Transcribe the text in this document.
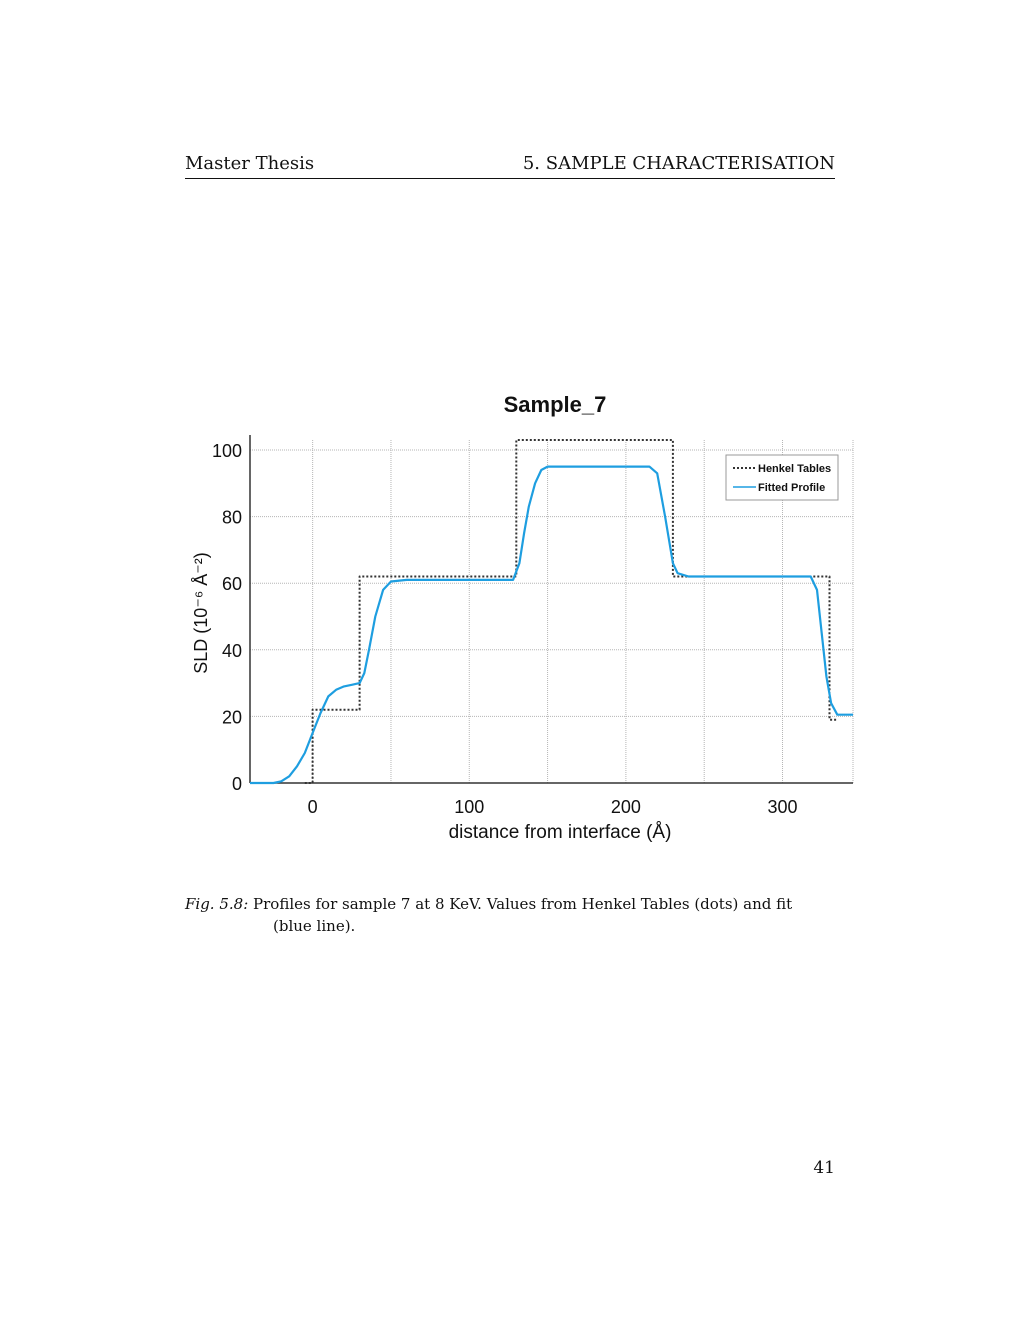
Master Thesis	5. SAMPLE CHARACTERISATION
Sample_7
0
20
40
60
80
100
0	100	200	300
Henkel Tables
Fitted Profile
distance from interface (Å)
SLD (10⁻⁶ Å⁻²)
Fig. 5.8: Profiles for sample 7 at 8 KeV. Values from Henkel Tables (dots) and fit
(blue line).
41
